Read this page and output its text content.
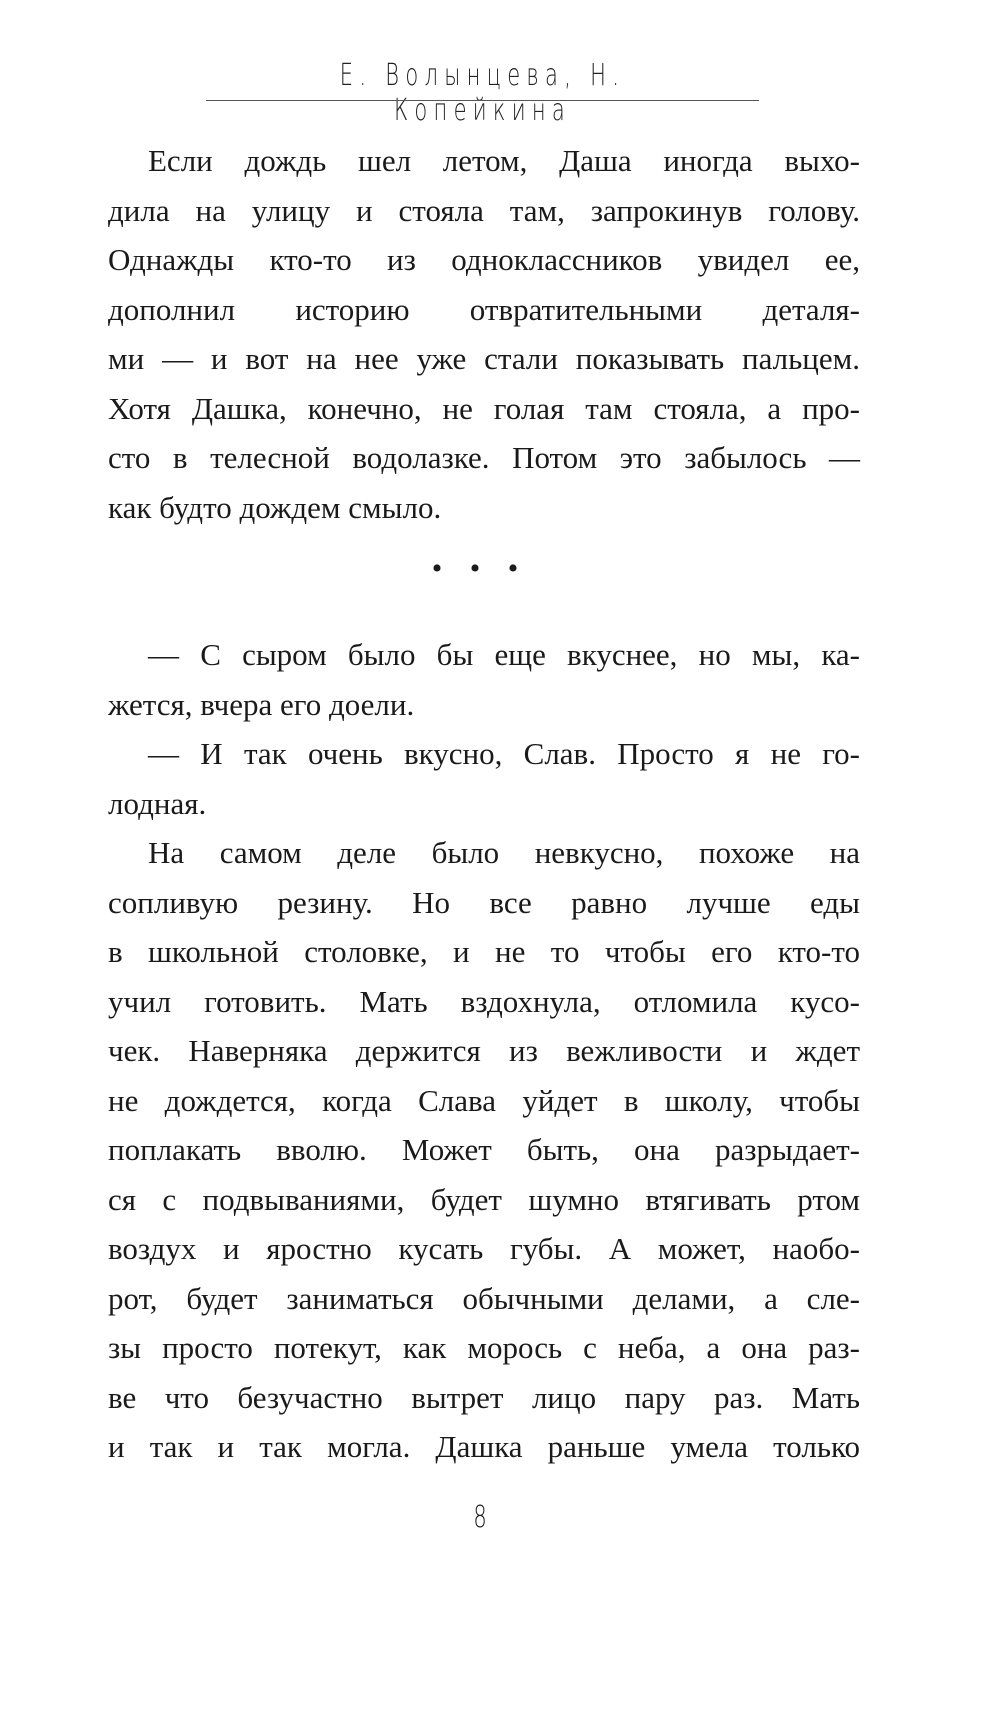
Е. Волынцева, Н. Копейкина
Если дождь шел летом, Даша иногда выхо-
дила на улицу и стояла там, запрокинув голову.
Однажды кто-то из одноклассников увидел ее,
дополнил историю отвратительными деталя-
ми — и вот на нее уже стали показывать пальцем.
Хотя Дашка, конечно, не голая там стояла, а про-
сто в телесной водолазке. Потом это забылось —
как будто дождем смыло.
• • •
— С сыром было бы еще вкуснее, но мы, ка-
жется, вчера его доели.
— И так очень вкусно, Слав. Просто я не го-
лодная.
На самом деле было невкусно, похоже на
сопливую резину. Но все равно лучше еды
в школьной столовке, и не то чтобы его кто-то
учил готовить. Мать вздохнула, отломила кусо-
чек. Наверняка держится из вежливости и ждет
не дождется, когда Слава уйдет в школу, чтобы
поплакать вволю. Может быть, она разрыдает-
ся с подвываниями, будет шумно втягивать ртом
воздух и яростно кусать губы. А может, наобо-
рот, будет заниматься обычными делами, а сле-
зы просто потекут, как морось с неба, а она раз-
ве что безучастно вытрет лицо пару раз. Мать
и так и так могла. Дашка раньше умела только
8
